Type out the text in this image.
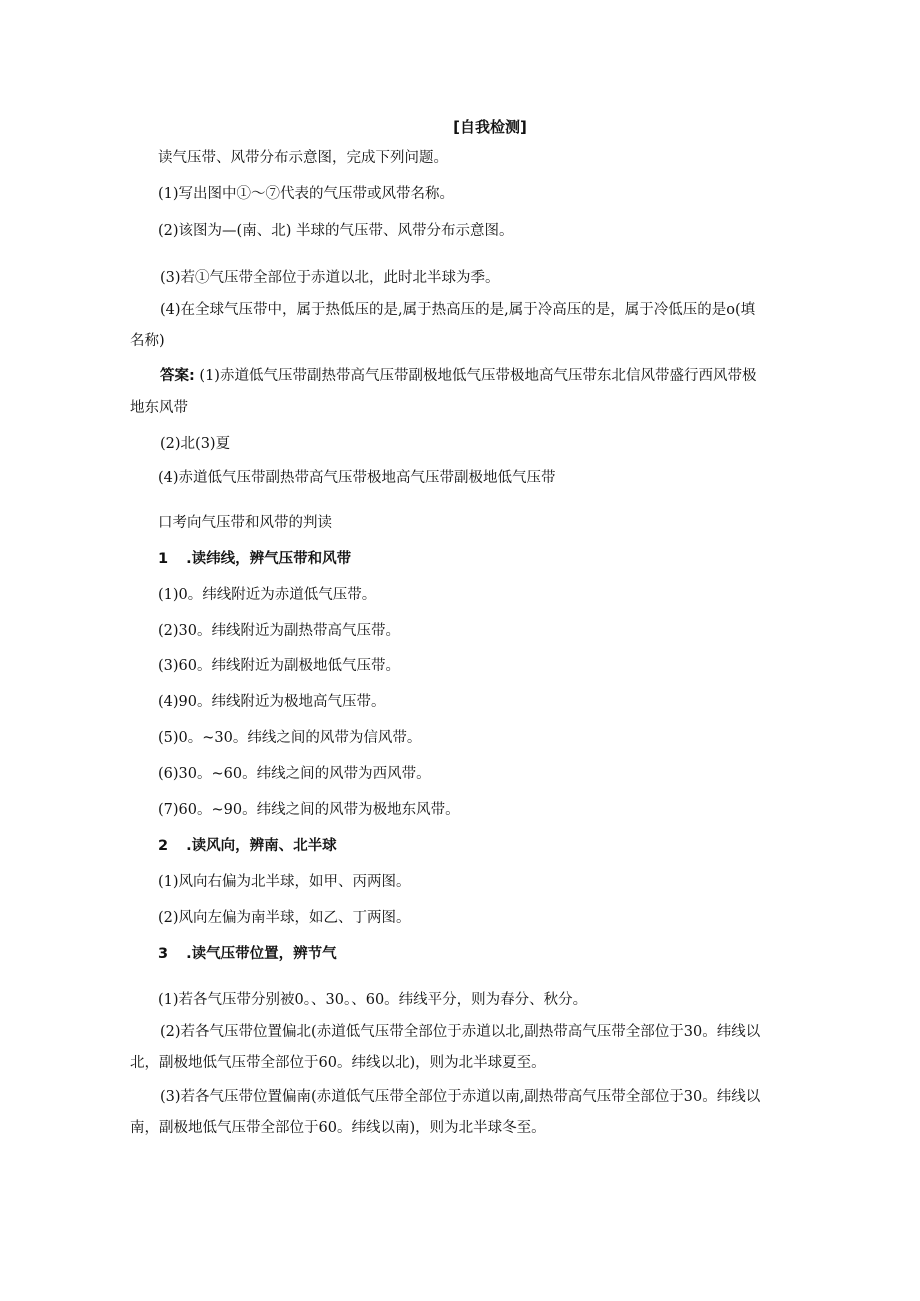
[自我检测]
读气压带、风带分布示意图，完成下列问题。
(1)写出图中①～⑦代表的气压带或风带名称。
(2)该图为—(南、北) 半球的气压带、风带分布示意图。
(3)若①气压带全部位于赤道以北，此时北半球为季。
(4)在全球气压带中，属于热低压的是,属于热高压的是,属于冷高压的是，属于冷低压的是o(填
名称)
答案: (1)赤道低气压带副热带高气压带副极地低气压带极地高气压带东北信风带盛行西风带极
地东风带
(2)北(3)夏
(4)赤道低气压带副热带高气压带极地高气压带副极地低气压带
口考向气压带和风带的判读
1 .读纬线，辨气压带和风带
(1)0。纬线附近为赤道低气压带。
(2)30。纬线附近为副热带高气压带。
(3)60。纬线附近为副极地低气压带。
(4)90。纬线附近为极地高气压带。
(5)0。~30。纬线之间的风带为信风带。
(6)30。~60。纬线之间的风带为西风带。
(7)60。~90。纬线之间的风带为极地东风带。
2 .读风向，辨南、北半球
(1)风向右偏为北半球，如甲、丙两图。
(2)风向左偏为南半球，如乙、丁两图。
3 .读气压带位置，辨节气
(1)若各气压带分别被0。、30。、60。纬线平分，则为春分、秋分。
(2)若各气压带位置偏北(赤道低气压带全部位于赤道以北,副热带高气压带全部位于30。纬线以
北，副极地低气压带全部位于60。纬线以北)，则为北半球夏至。
(3)若各气压带位置偏南(赤道低气压带全部位于赤道以南,副热带高气压带全部位于30。纬线以
南，副极地低气压带全部位于60。纬线以南)，则为北半球冬至。
